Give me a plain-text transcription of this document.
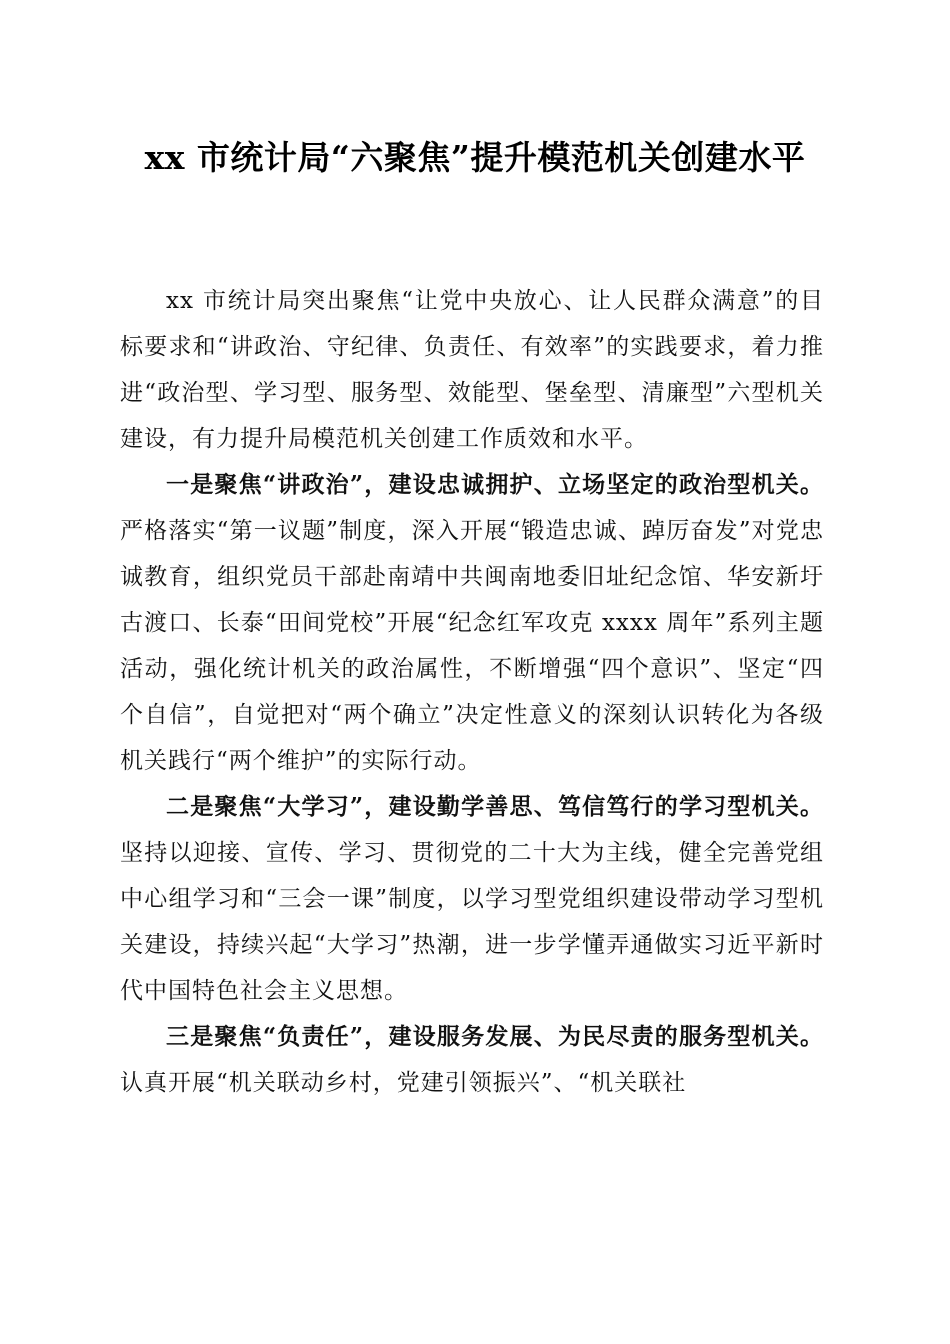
xx 市统计局“六聚焦”提升模范机关创建水平

xx 市统计局突出聚焦“让党中央放心、让人民群众满意”的目标要求和“讲政治、守纪律、负责任、有效率”的实践要求，着力推进“政治型、学习型、服务型、效能型、堡垒型、清廉型”六型机关建设，有力提升局模范机关创建工作质效和水平。

一是聚焦“讲政治”，建设忠诚拥护、立场坚定的政治型机关。严格落实“第一议题”制度，深入开展“锻造忠诚、踔厉奋发”对党忠诚教育，组织党员干部赴南靖中共闽南地委旧址纪念馆、华安新圩古渡口、长泰“田间党校”开展“纪念红军攻克 xxxx 周年”系列主题活动，强化统计机关的政治属性，不断增强“四个意识”、坚定“四个自信”，自觉把对“两个确立”决定性意义的深刻认识转化为各级机关践行“两个维护”的实际行动。

二是聚焦“大学习”，建设勤学善思、笃信笃行的学习型机关。坚持以迎接、宣传、学习、贯彻党的二十大为主线，健全完善党组中心组学习和“三会一课”制度，以学习型党组织建设带动学习型机关建设，持续兴起“大学习”热潮，进一步学懂弄通做实习近平新时代中国特色社会主义思想。

三是聚焦“负责任”，建设服务发展、为民尽责的服务型机关。认真开展“机关联动乡村，党建引领振兴”、“机关联社
